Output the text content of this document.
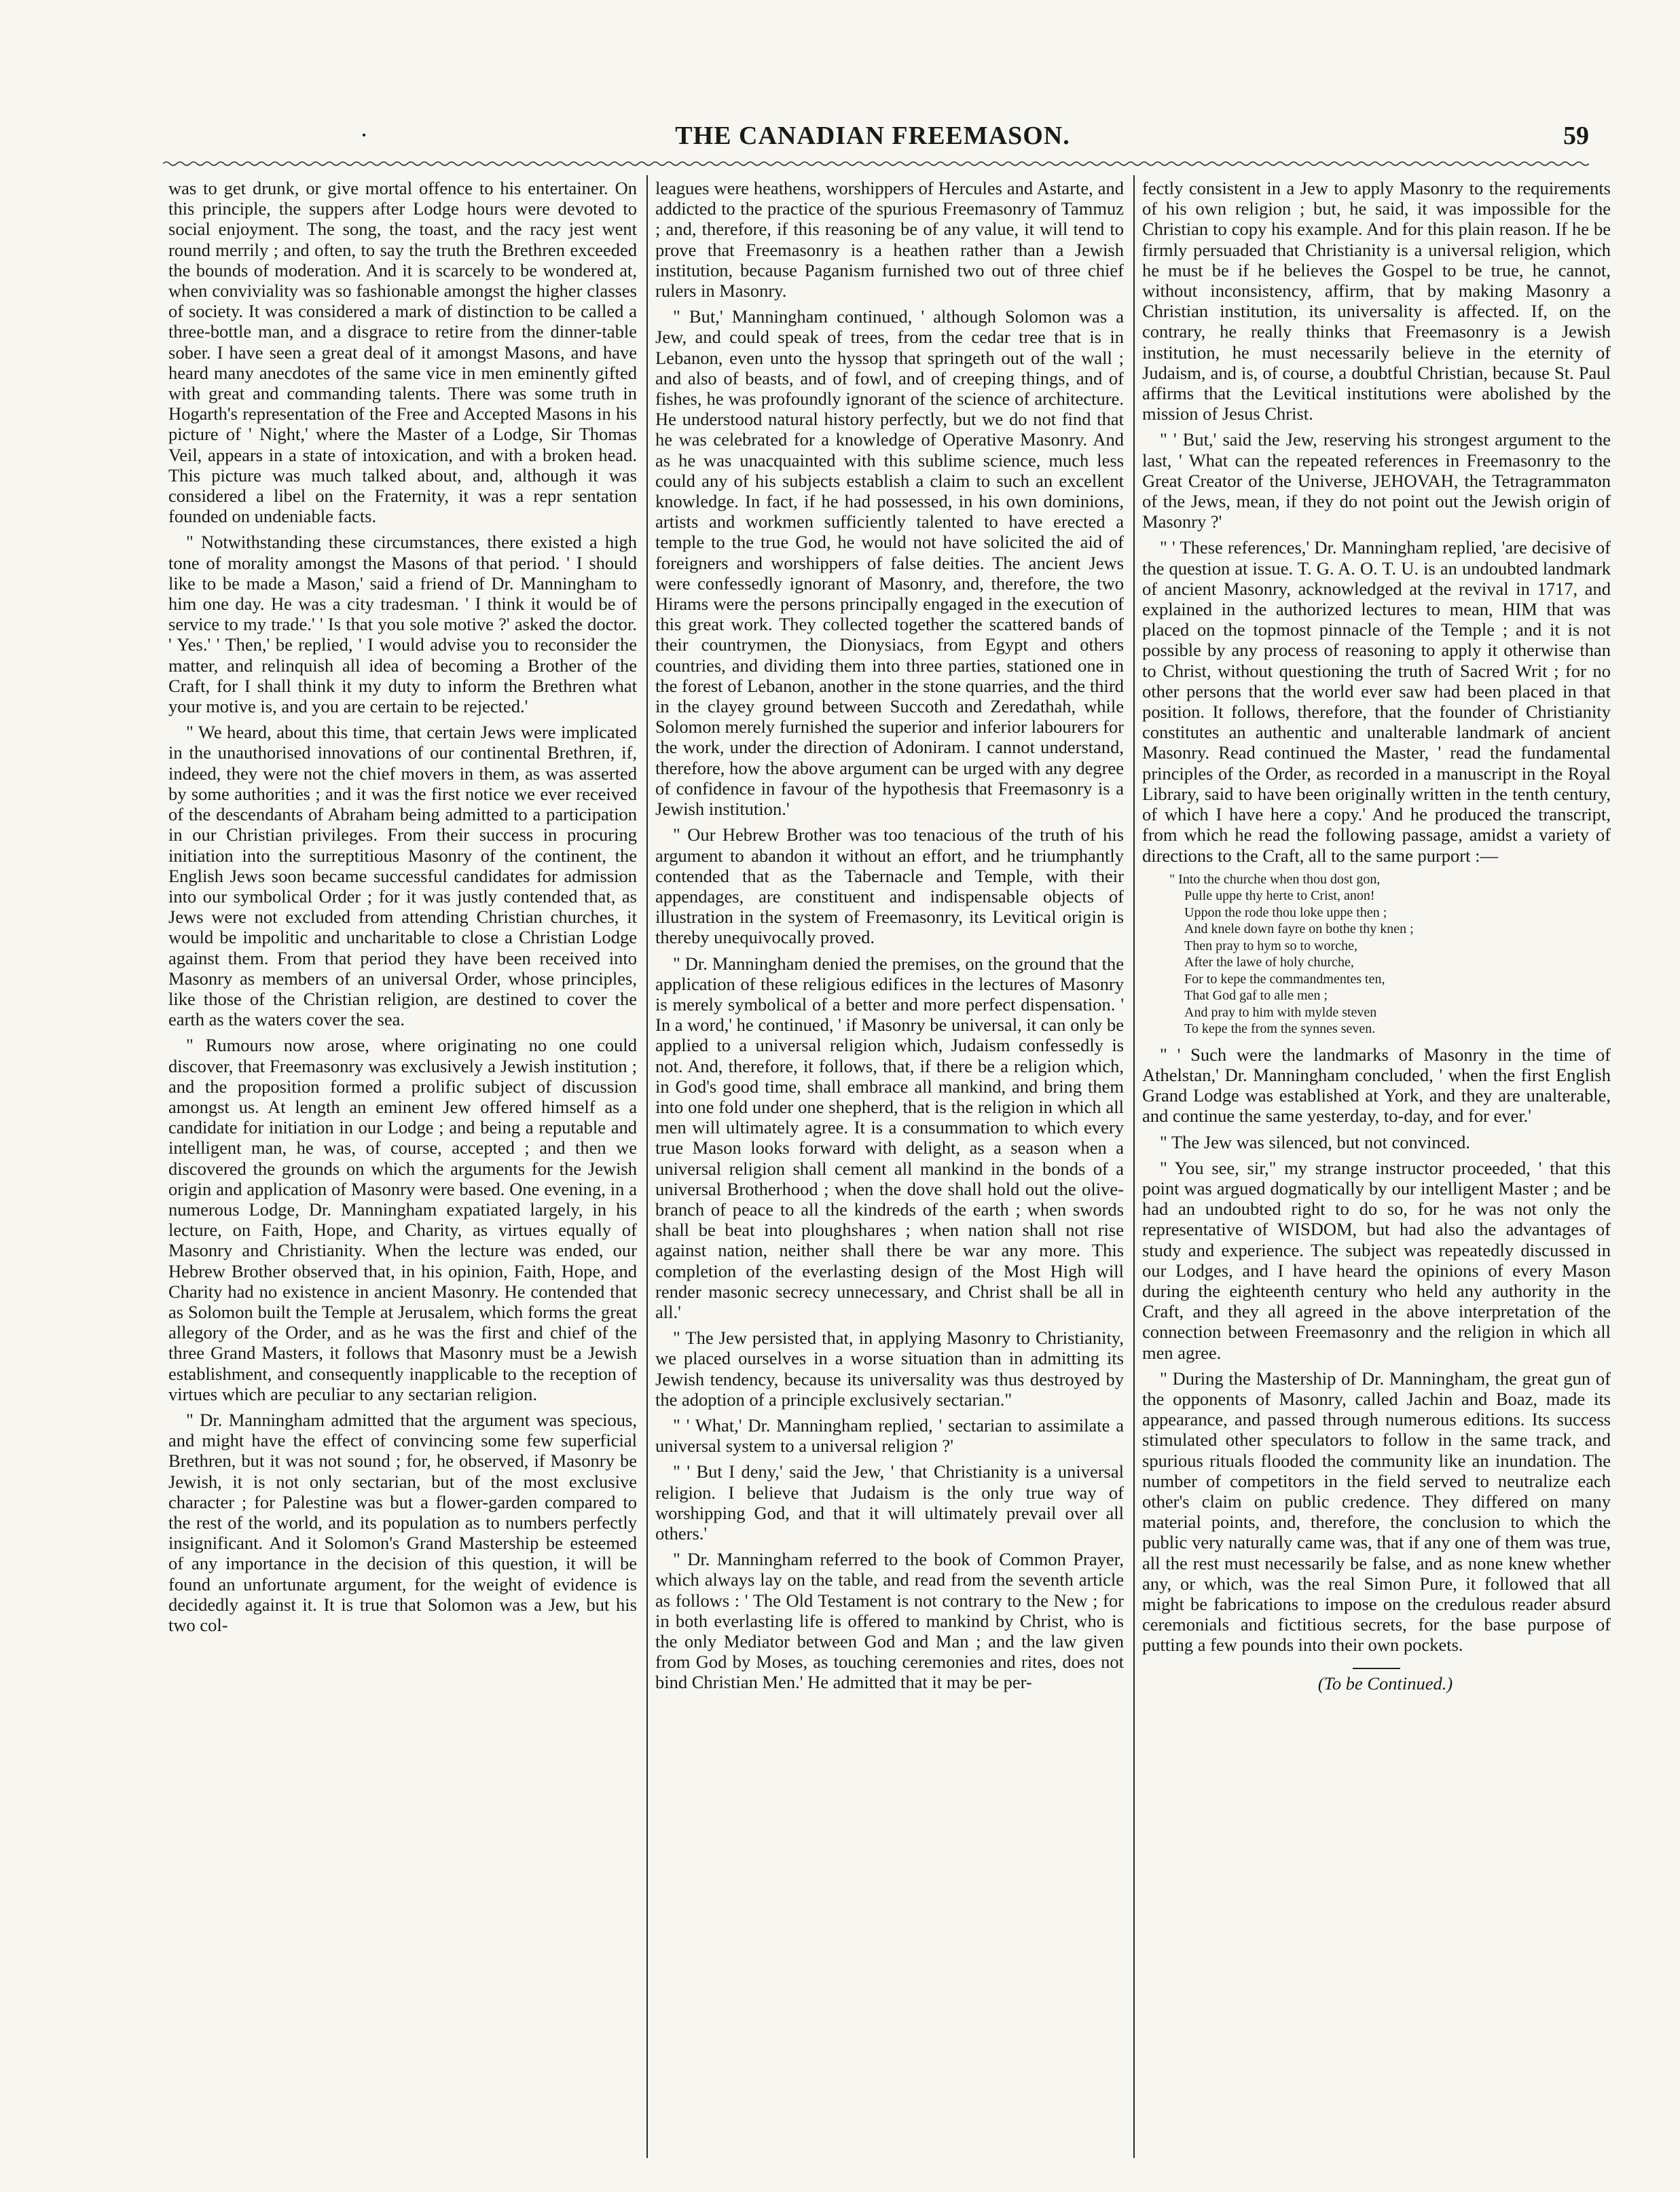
·	THE CANADIAN FREEMASON.	59

was to get drunk, or give mortal offence to his entertainer. On this principle, the suppers after Lodge hours were devoted to social enjoyment. The song, the toast, and the racy jest went round merrily ; and often, to say the truth the Brethren exceeded the bounds of moderation. And it is scarcely to be wondered at, when conviviality was so fashionable amongst the higher classes of society. It was considered a mark of distinction to be called a three-bottle man, and a disgrace to retire from the dinner-table sober. I have seen a great deal of it amongst Masons, and have heard many anecdotes of the same vice in men eminently gifted with great and commanding talents. There was some truth in Hogarth's representation of the Free and Accepted Masons in his picture of ' Night,' where the Master of a Lodge, Sir Thomas Veil, appears in a state of intoxication, and with a broken head. This picture was much talked about, and, although it was considered a libel on the Fraternity, it was a repr sentation founded on undeniable facts.

" Notwithstanding these circumstances, there existed a high tone of morality amongst the Masons of that period. ' I should like to be made a Mason,' said a friend of Dr. Manningham to him one day. He was a city tradesman. ' I think it would be of service to my trade.' ' Is that you sole motive ?' asked the doctor. ' Yes.' ' Then,' be replied, ' I would advise you to reconsider the matter, and relinquish all idea of becoming a Brother of the Craft, for I shall think it my duty to inform the Brethren what your motive is, and you are certain to be rejected.'

" We heard, about this time, that certain Jews were implicated in the unauthorised innovations of our continental Brethren, if, indeed, they were not the chief movers in them, as was asserted by some authorities ; and it was the first notice we ever received of the descendants of Abraham being admitted to a participation in our Christian privileges. From their success in procuring initiation into the surreptitious Masonry of the continent, the English Jews soon became successful candidates for admission into our symbolical Order ; for it was justly contended that, as Jews were not excluded from attending Christian churches, it would be impolitic and uncharitable to close a Christian Lodge against them. From that period they have been received into Masonry as members of an universal Order, whose principles, like those of the Christian religion, are destined to cover the earth as the waters cover the sea.

" Rumours now arose, where originating no one could discover, that Freemasonry was exclusively a Jewish institution ; and the proposition formed a prolific subject of discussion amongst us. At length an eminent Jew offered himself as a candidate for initiation in our Lodge ; and being a reputable and intelligent man, he was, of course, accepted ; and then we discovered the grounds on which the arguments for the Jewish origin and application of Masonry were based. One evening, in a numerous Lodge, Dr. Manningham expatiated largely, in his lecture, on Faith, Hope, and Charity, as virtues equally of Masonry and Christianity. When the lecture was ended, our Hebrew Brother observed that, in his opinion, Faith, Hope, and Charity had no existence in ancient Masonry. He contended that as Solomon built the Temple at Jerusalem, which forms the great allegory of the Order, and as he was the first and chief of the three Grand Masters, it follows that Masonry must be a Jewish establishment, and consequently inapplicable to the reception of virtues which are peculiar to any sectarian religion.

" Dr. Manningham admitted that the argument was specious, and might have the effect of convincing some few superficial Brethren, but it was not sound ; for, he observed, if Masonry be Jewish, it is not only sectarian, but of the most exclusive character ; for Palestine was but a flower-garden compared to the rest of the world, and its population as to numbers perfectly insignificant. And it Solomon's Grand Mastership be esteemed of any importance in the decision of this question, it will be found an unfortunate argument, for the weight of evidence is decidedly against it. It is true that Solomon was a Jew, but his two col-

leagues were heathens, worshippers of Hercules and Astarte, and addicted to the practice of the spurious Freemasonry of Tammuz ; and, therefore, if this reasoning be of any value, it will tend to prove that Freemasonry is a heathen rather than a Jewish institution, because Paganism furnished two out of three chief rulers in Masonry.

" But,' Manningham continued, ' although Solomon was a Jew, and could speak of trees, from the cedar tree that is in Lebanon, even unto the hyssop that springeth out of the wall ; and also of beasts, and of fowl, and of creeping things, and of fishes, he was profoundly ignorant of the science of architecture. He understood natural history perfectly, but we do not find that he was celebrated for a knowledge of Operative Masonry. And as he was unacquainted with this sublime science, much less could any of his subjects establish a claim to such an excellent knowledge. In fact, if he had possessed, in his own dominions, artists and workmen sufficiently talented to have erected a temple to the true God, he would not have solicited the aid of foreigners and worshippers of false deities. The ancient Jews were confessedly ignorant of Masonry, and, therefore, the two Hirams were the persons principally engaged in the execution of this great work. They collected together the scattered bands of their countrymen, the Dionysiacs, from Egypt and others countries, and dividing them into three parties, stationed one in the forest of Lebanon, another in the stone quarries, and the third in the clayey ground between Succoth and Zeredathah, while Solomon merely furnished the superior and inferior labourers for the work, under the direction of Adoniram. I cannot understand, therefore, how the above argument can be urged with any degree of confidence in favour of the hypothesis that Freemasonry is a Jewish institution.'

" Our Hebrew Brother was too tenacious of the truth of his argument to abandon it without an effort, and he triumphantly contended that as the Tabernacle and Temple, with their appendages, are constituent and indispensable objects of illustration in the system of Freemasonry, its Levitical origin is thereby unequivocally proved.

" Dr. Manningham denied the premises, on the ground that the application of these religious edifices in the lectures of Masonry is merely symbolical of a better and more perfect dispensation. ' In a word,' he continued, ' if Masonry be universal, it can only be applied to a universal religion which, Judaism confessedly is not. And, therefore, it follows, that, if there be a religion which, in God's good time, shall embrace all mankind, and bring them into one fold under one shepherd, that is the religion in which all men will ultimately agree. It is a consummation to which every true Mason looks forward with delight, as a season when a universal religion shall cement all mankind in the bonds of a universal Brotherhood ; when the dove shall hold out the olive-branch of peace to all the kindreds of the earth ; when swords shall be beat into ploughshares ; when nation shall not rise against nation, neither shall there be war any more. This completion of the everlasting design of the Most High will render masonic secrecy unnecessary, and Christ shall be all in all.'

" The Jew persisted that, in applying Masonry to Christianity, we placed ourselves in a worse situation than in admitting its Jewish tendency, because its universality was thus destroyed by the adoption of a principle exclusively sectarian."

" ' What,' Dr. Manningham replied, ' sectarian to assimilate a universal system to a universal religion ?'

" ' But I deny,' said the Jew, ' that Christianity is a universal religion. I believe that Judaism is the only true way of worshipping God, and that it will ultimately prevail over all others.'

" Dr. Manningham referred to the book of Common Prayer, which always lay on the table, and read from the seventh article as follows : ' The Old Testament is not contrary to the New ; for in both everlasting life is offered to mankind by Christ, who is the only Mediator between God and Man ; and the law given from God by Moses, as touching ceremonies and rites, does not bind Christian Men.' He admitted that it may be per-

fectly consistent in a Jew to apply Masonry to the requirements of his own religion ; but, he said, it was impossible for the Christian to copy his example. And for this plain reason. If he be firmly persuaded that Christianity is a universal religion, which he must be if he believes the Gospel to be true, he cannot, without inconsistency, affirm, that by making Masonry a Christian institution, its universality is affected. If, on the contrary, he really thinks that Freemasonry is a Jewish institution, he must necessarily believe in the eternity of Judaism, and is, of course, a doubtful Christian, because St. Paul affirms that the Levitical institutions were abolished by the mission of Jesus Christ.

" ' But,' said the Jew, reserving his strongest argument to the last, ' What can the repeated references in Freemasonry to the Great Creator of the Universe, JEHOVAH, the Tetragrammaton of the Jews, mean, if they do not point out the Jewish origin of Masonry ?'

" ' These references,' Dr. Manningham replied, 'are decisive of the question at issue. T. G. A. O. T. U. is an undoubted landmark of ancient Masonry, acknowledged at the revival in 1717, and explained in the authorized lectures to mean, HIM that was placed on the topmost pinnacle of the Temple ; and it is not possible by any process of reasoning to apply it otherwise than to Christ, without questioning the truth of Sacred Writ ; for no other persons that the world ever saw had been placed in that position. It follows, therefore, that the founder of Christianity constitutes an authentic and unalterable landmark of ancient Masonry. Read continued the Master, ' read the fundamental principles of the Order, as recorded in a manuscript in the Royal Library, said to have been originally written in the tenth century, of which I have here a copy.' And he produced the transcript, from which he read the following passage, amidst a variety of directions to the Craft, all to the same purport :—

" Into the churche when thou dost gon,
Pulle uppe thy herte to Crist, anon!
Uppon the rode thou loke uppe then ;
And knele down fayre on bothe thy knen ;
Then pray to hym so to worche,
After the lawe of holy churche,
For to kepe the commandmentes ten,
That God gaf to alle men ;
And pray to him with mylde steven
To kepe the from the synnes seven.

" ' Such were the landmarks of Masonry in the time of Athelstan,' Dr. Manningham concluded, ' when the first English Grand Lodge was established at York, and they are unalterable, and continue the same yesterday, to-day, and for ever.'

" The Jew was silenced, but not convinced.

" You see, sir," my strange instructor proceeded, ' that this point was argued dogmatically by our intelligent Master ; and be had an undoubted right to do so, for he was not only the representative of WISDOM, but had also the advantages of study and experience. The subject was repeatedly discussed in our Lodges, and I have heard the opinions of every Mason during the eighteenth century who held any authority in the Craft, and they all agreed in the above interpretation of the connection between Freemasonry and the religion in which all men agree.

" During the Mastership of Dr. Manningham, the great gun of the opponents of Masonry, called Jachin and Boaz, made its appearance, and passed through numerous editions. Its success stimulated other speculators to follow in the same track, and spurious rituals flooded the community like an inundation. The number of competitors in the field served to neutralize each other's claim on public credence. They differed on many material points, and, therefore, the conclusion to which the public very naturally came was, that if any one of them was true, all the rest must necessarily be false, and as none knew whether any, or which, was the real Simon Pure, it followed that all might be fabrications to impose on the credulous reader absurd ceremonials and fictitious secrets, for the base purpose of putting a few pounds into their own pockets.

(To be Continued.)
